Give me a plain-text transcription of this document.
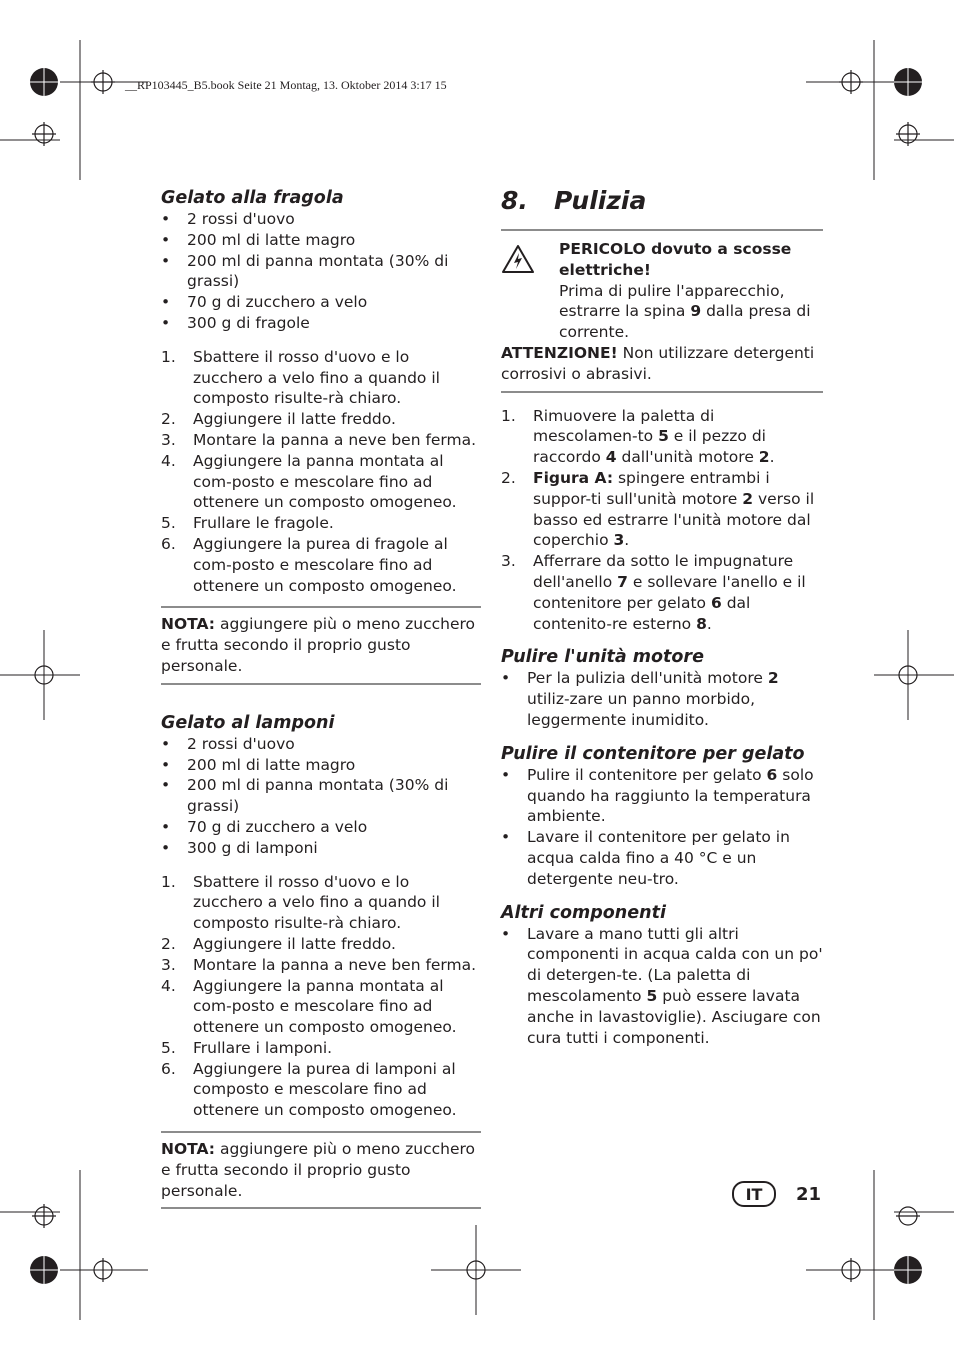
__RP103445_B5.book Seite 21 Montag, 13. Oktober 2014 3:17 15
Gelato alla fragola
• 2 rossi d'uovo
• 200 ml di latte magro
• 200 ml di panna montata (30% di grassi)
• 70 g di zucchero a velo
• 300 g di fragole
1. Sbattere il rosso d'uovo e lo zucchero a velo fino a quando il composto risulte-rà chiaro.
2. Aggiungere il latte freddo.
3. Montare la panna a neve ben ferma.
4. Aggiungere la panna montata al com-posto e mescolare fino ad ottenere un composto omogeneo.
5. Frullare le fragole.
6. Aggiungere la purea di fragole al com-posto e mescolare fino ad ottenere un composto omogeneo.
NOTA: aggiungere più o meno zucchero e frutta secondo il proprio gusto personale.
Gelato al lamponi
• 2 rossi d'uovo
• 200 ml di latte magro
• 200 ml di panna montata (30% di grassi)
• 70 g di zucchero a velo
• 300 g di lamponi
1. Sbattere il rosso d'uovo e lo zucchero a velo fino a quando il composto risulte-rà chiaro.
2. Aggiungere il latte freddo.
3. Montare la panna a neve ben ferma.
4. Aggiungere la panna montata al com-posto e mescolare fino ad ottenere un composto omogeneo.
5. Frullare i lamponi.
6. Aggiungere la purea di lamponi al composto e mescolare fino ad ottenere un composto omogeneo.
NOTA: aggiungere più o meno zucchero e frutta secondo il proprio gusto personale.
8.   Pulizia
PERICOLO dovuto a scosse elettriche!
Prima di pulire l'apparecchio, estrarre la spina 9 dalla presa di corrente.
ATTENZIONE! Non utilizzare detergenti corrosivi o abrasivi.
1. Rimuovere la paletta di mescolamen-to 5 e il pezzo di raccordo 4 dall'unità motore 2.
2. Figura A: spingere entrambi i suppor-ti sull'unità motore 2 verso il basso ed estrarre l'unità motore dal coperchio 3.
3. Afferrare da sotto le impugnature dell'anello 7 e sollevare l'anello e il contenitore per gelato 6 dal contenito-re esterno 8.
Pulire l'unità motore
• Per la pulizia dell'unità motore 2 utiliz-zare un panno morbido, leggermente inumidito.
Pulire il contenitore per gelato
• Pulire il contenitore per gelato 6 solo quando ha raggiunto la temperatura ambiente.
• Lavare il contenitore per gelato in acqua calda fino a 40 °C e un detergente neu-tro.
Altri componenti
• Lavare a mano tutti gli altri componenti in acqua calda con un po' di detergen-te. (La paletta di mescolamento 5 può essere lavata anche in lavastoviglie). Asciugare con cura tutti i componenti.
IT	21
